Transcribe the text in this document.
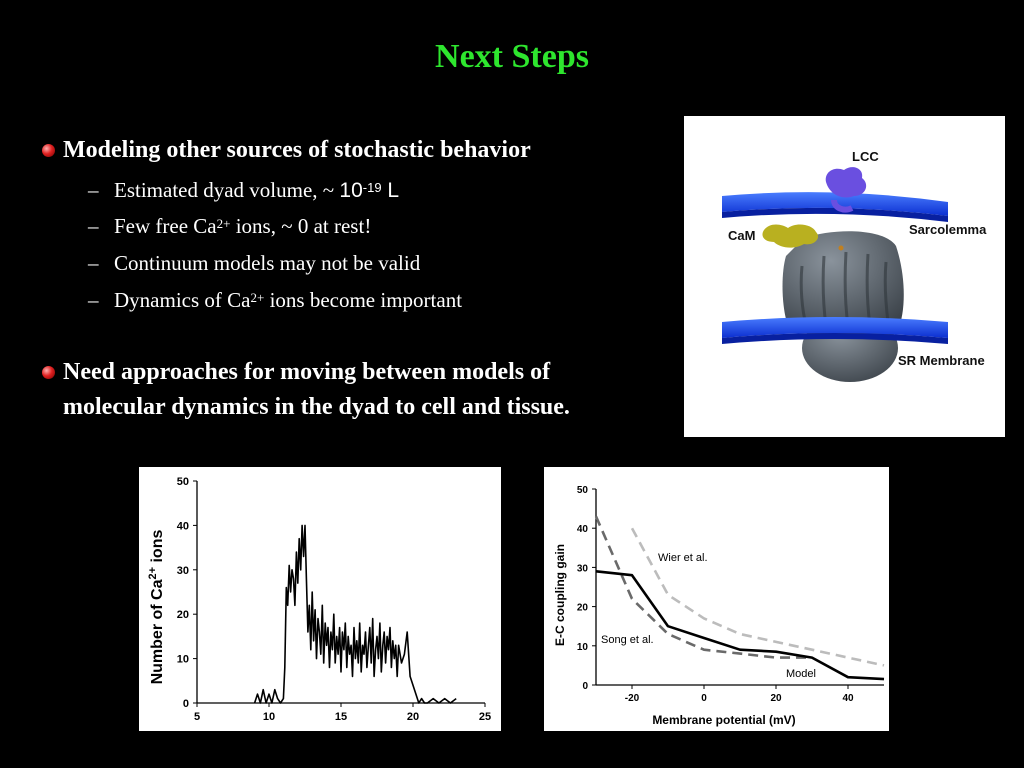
Next Steps
Modeling other sources of stochastic behavior
– Estimated dyad volume, ~ $10^{-19}$ L
– Few free $Ca^{2+}$ ions, ~ 0 at rest!
– Continuum models may not be valid
– Dynamics of $Ca^{2+}$ ions become important
Need approaches for moving between models of
molecular dynamics in the dyad to cell and tissue.
LCC
CaM	Sarcolemma
SR Membrane
Number of $Ca^{2+}$ ions
0
10
20
30
40
50
5	10	15	20	25
E-C coupling gain
Membrane potential (mV)
Wier et al.
Song et al.
Model
0
10
20
30
40
50
-20	0	20	40
